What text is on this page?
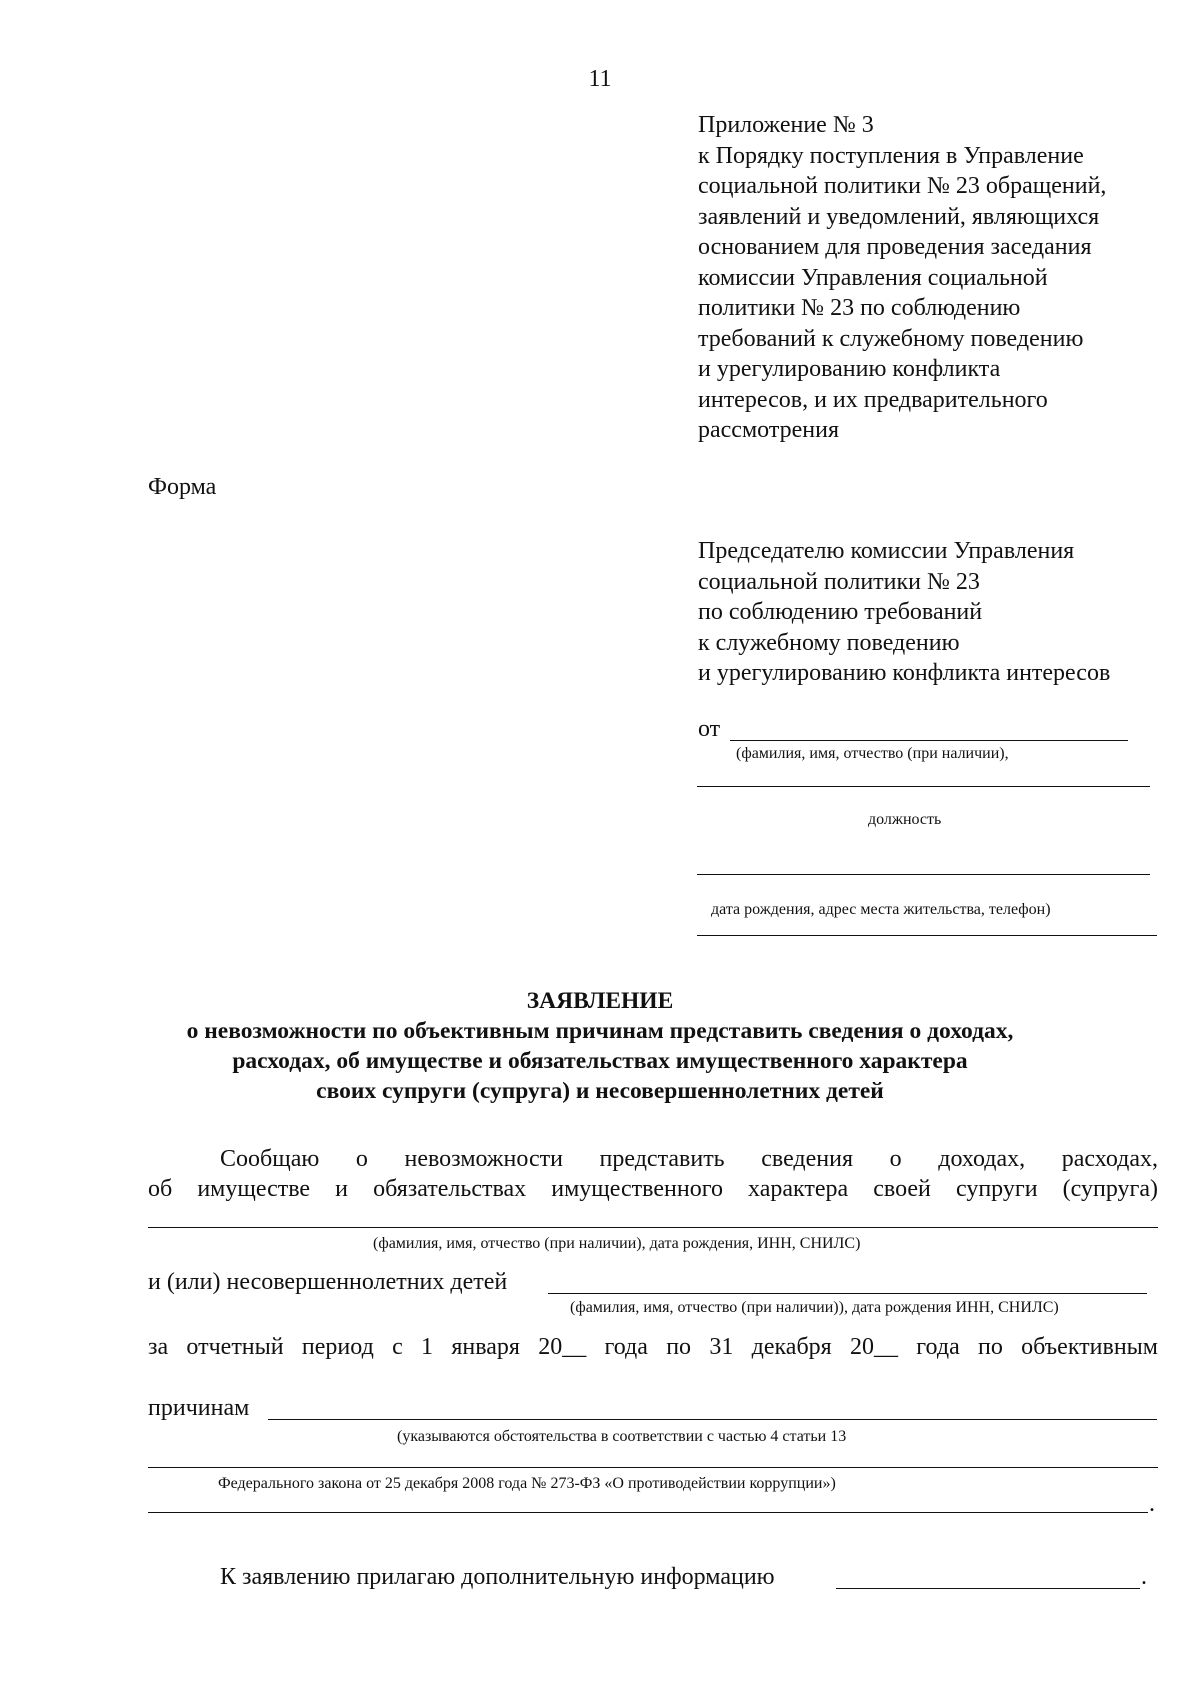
11
Приложение № 3
к Порядку поступления в Управление
социальной политики № 23 обращений,
заявлений и уведомлений, являющихся
основанием для проведения заседания
комиссии Управления социальной
политики № 23 по соблюдению
требований к служебному поведению
и урегулированию конфликта
интересов, и их предварительного
рассмотрения
Форма
Председателю комиссии Управления
социальной политики № 23
по соблюдению требований
к служебному поведению
и урегулированию конфликта интересов
от
(фамилия, имя, отчество (при наличии),
должность
дата рождения, адрес места жительства, телефон)
ЗАЯВЛЕНИЕ
о невозможности по объективным причинам представить сведения о доходах,
расходах, об имуществе и обязательствах имущественного характера
своих супруги (супруга) и несовершеннолетних детей
Сообщаю о невозможности представить сведения о доходах, расходах,
об имуществе и обязательствах имущественного характера своей супруги (супруга)
(фамилия, имя, отчество (при наличии), дата рождения, ИНН, СНИЛС)
и (или) несовершеннолетних детей
(фамилия, имя, отчество (при наличии)), дата рождения ИНН, СНИЛС)
за отчетный период с 1 января 20__ года по 31 декабря 20__ года по объективным
причинам
(указываются обстоятельства в соответствии с частью 4 статьи 13
Федерального закона от 25 декабря 2008 года № 273-ФЗ «О противодействии коррупции»)
.
К заявлению прилагаю дополнительную информацию	.
